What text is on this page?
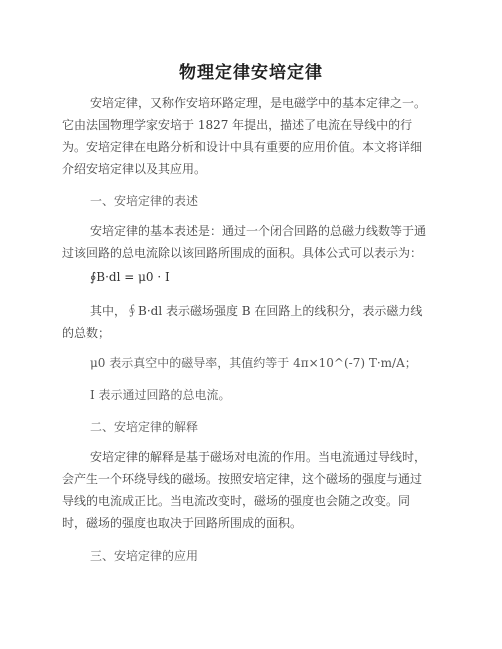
物理定律安培定律
安培定律，又称作安培环路定理，是电磁学中的基本定律之一。它由法国物理学家安培于 1827 年提出，描述了电流在导线中的行为。安培定律在电路分析和设计中具有重要的应用价值。本文将详细介绍安培定律以及其应用。
一、安培定律的表述
安培定律的基本表述是：通过一个闭合回路的总磁力线数等于通过该回路的总电流除以该回路所围成的面积。具体公式可以表示为：
∮B·dl = μ0 · I
其中，∮B·dl 表示磁场强度 B 在回路上的线积分，表示磁力线的总数；
μ0 表示真空中的磁导率，其值约等于 4π×10^(-7) T·m/A；
I 表示通过回路的总电流。
二、安培定律的解释
安培定律的解释是基于磁场对电流的作用。当电流通过导线时，会产生一个环绕导线的磁场。按照安培定律，这个磁场的强度与通过导线的电流成正比。当电流改变时，磁场的强度也会随之改变。同时，磁场的强度也取决于回路所围成的面积。
三、安培定律的应用
